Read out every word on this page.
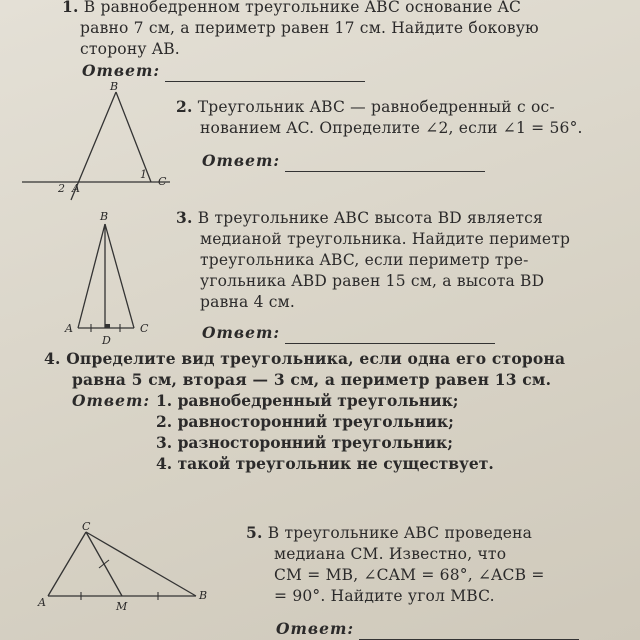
1. В равнобедренном треугольнике ABC основание AC
равно 7 см, а периметр равен 17 см. Найдите боковую
сторону AB.
Ответ:
B
A
C
1
2
2. Треугольник ABC — равнобедренный с ос-
нованием AC. Определите ∠2, если ∠1 = 56°.
Ответ:
B
A	C
D
3. В треугольнике ABC высота BD является
медианой треугольника. Найдите периметр
треугольника ABC, если периметр тре-
угольника ABD равен 15 см, а высота BD
равна 4 см.
Ответ:
4. Определите вид треугольника, если одна его сторона
равна 5 см, вторая — 3 см, а периметр равен 13 см.
Ответ: 1. равнобедренный треугольник;
2. равносторонний треугольник;
3. разносторонний треугольник;
4. такой треугольник не существует.
C
A
B
M
5. В треугольнике ABC проведена
медиана CM. Известно, что
CM = MB, ∠CAM = 68°, ∠ACB =
= 90°. Найдите угол MBC.
Ответ:
